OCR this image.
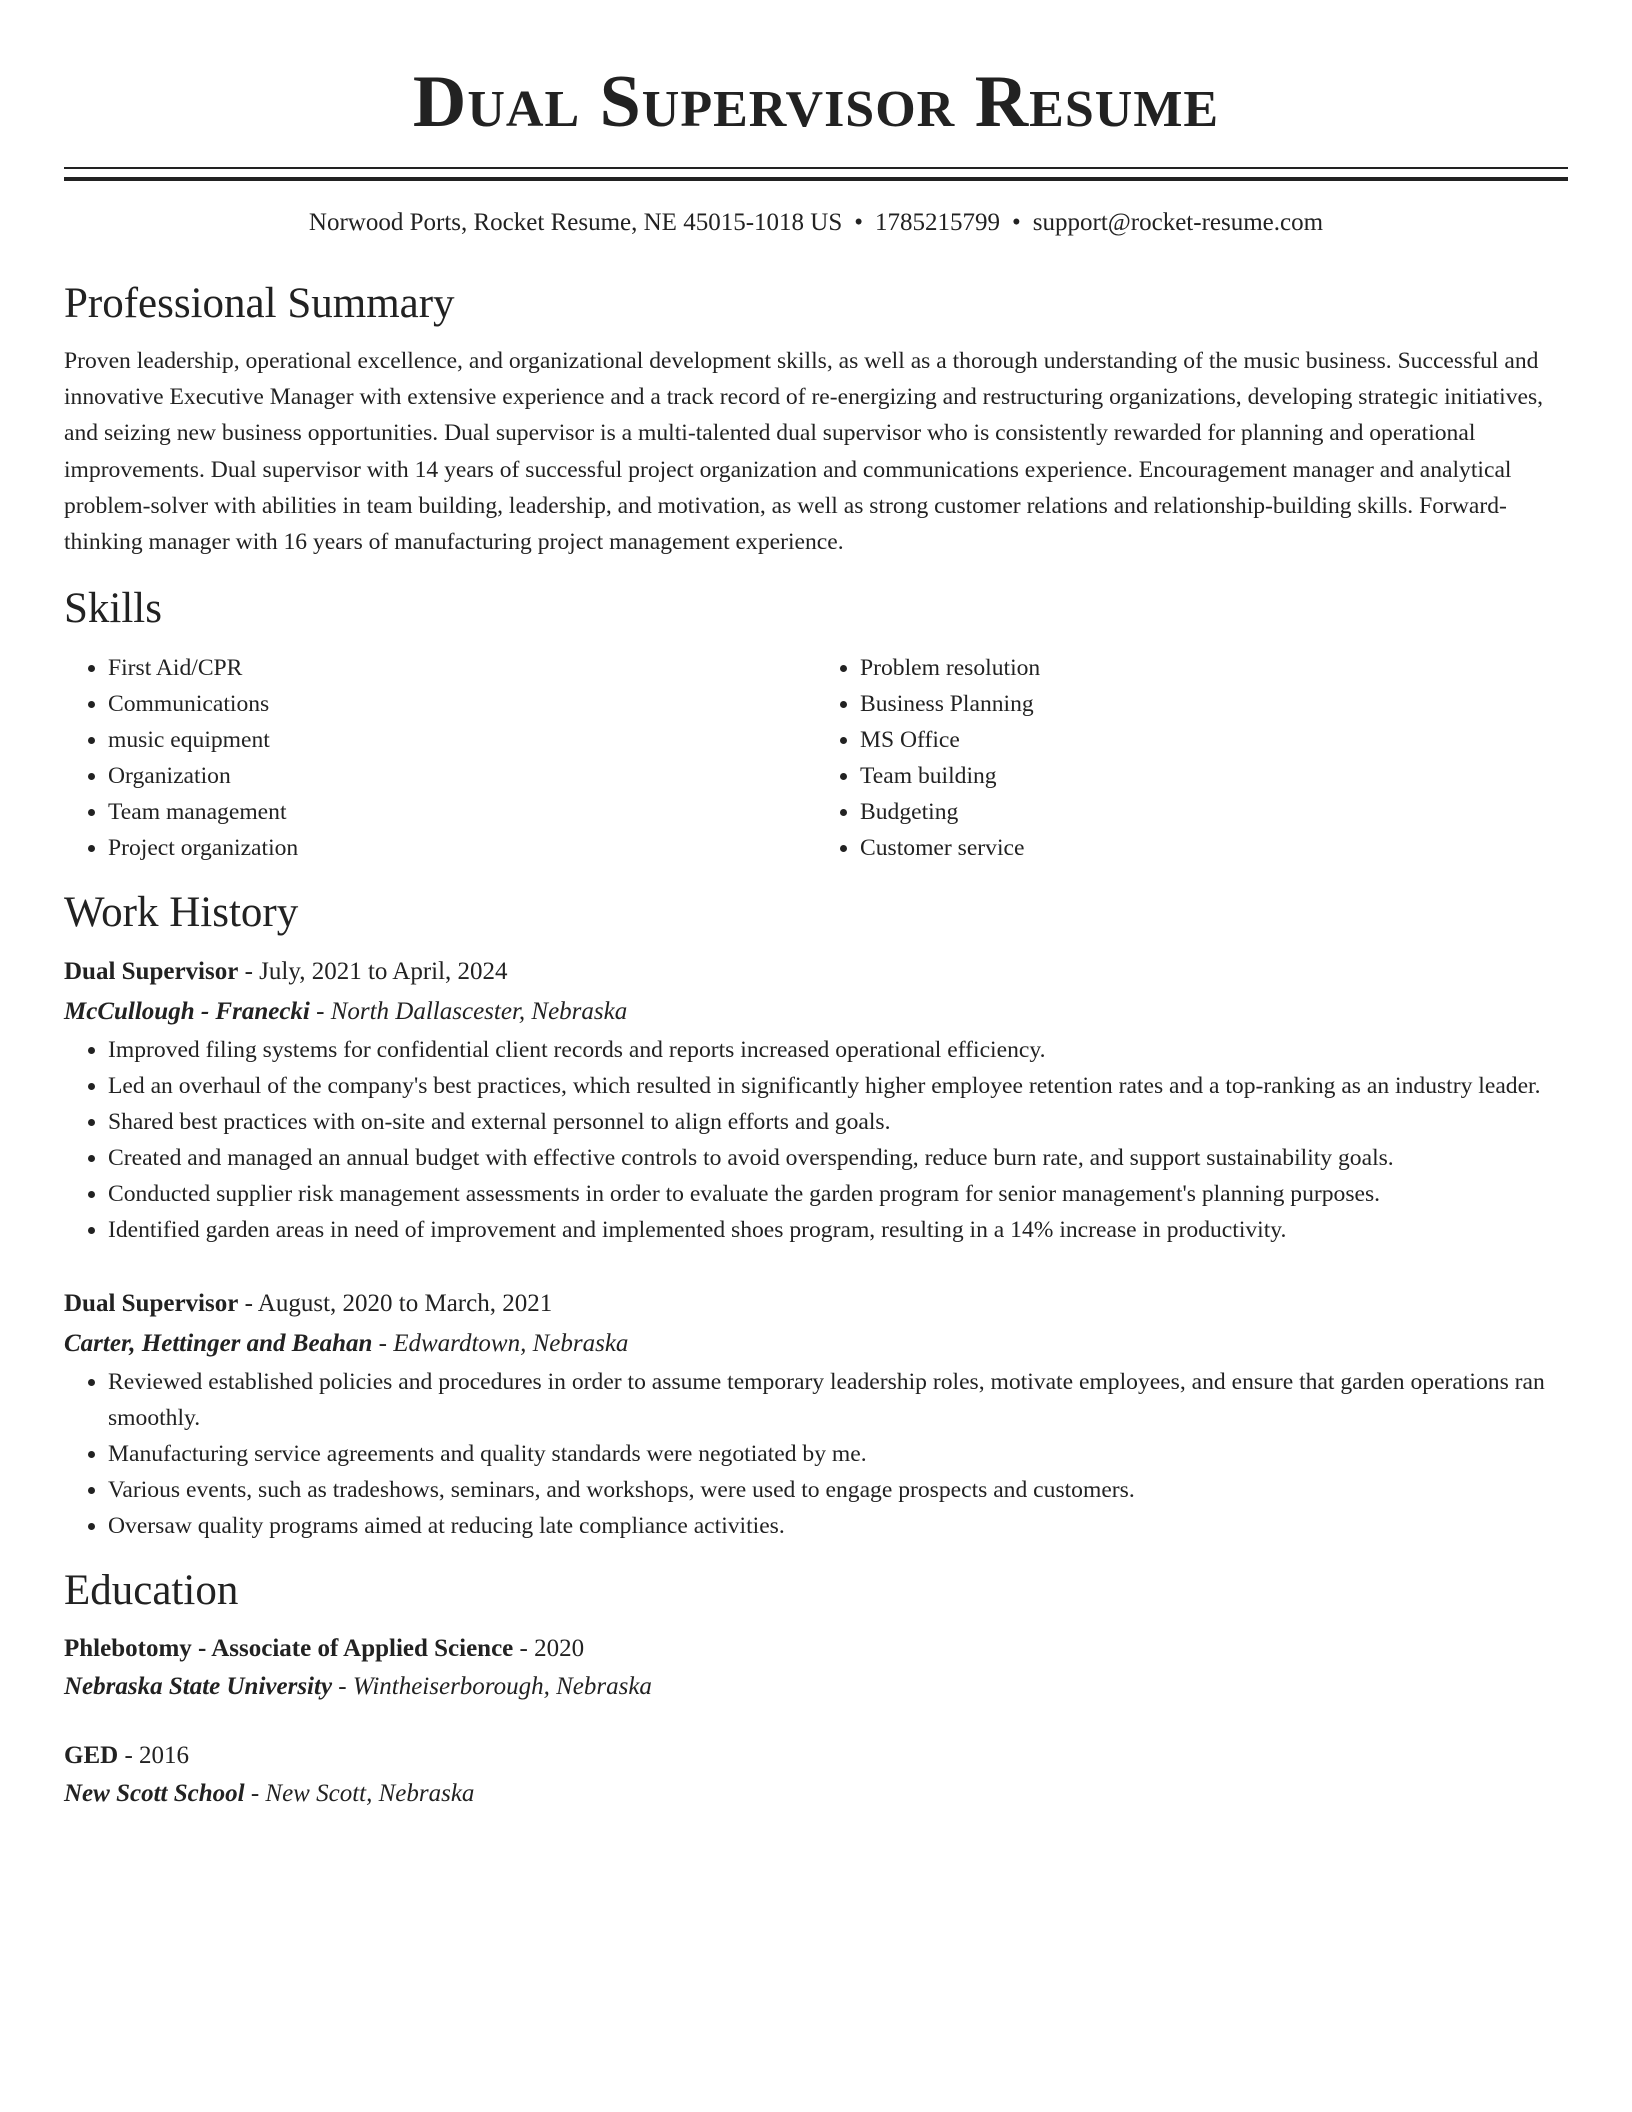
Dual Supervisor Resume
Norwood Ports, Rocket Resume, NE 45015-1018 US • 1785215799 • support@rocket-resume.com
Professional Summary

Proven leadership, operational excellence, and organizational development skills, as well as a thorough understanding of the music business. Successful and innovative Executive Manager with extensive experience and a track record of re-energizing and restructuring organizations, developing strategic initiatives, and seizing new business opportunities. Dual supervisor is a multi-talented dual supervisor who is consistently rewarded for planning and operational improvements. Dual supervisor with 14 years of successful project organization and communications experience. Encouragement manager and analytical problem-solver with abilities in team building, leadership, and motivation, as well as strong customer relations and relationship-building skills. Forward-thinking manager with 16 years of manufacturing project management experience.

Skills
• First Aid/CPR
• Communications
• music equipment
• Organization
• Team management
• Project organization
• Problem resolution
• Business Planning
• MS Office
• Team building
• Budgeting
• Customer service
Work History
Dual Supervisor - July, 2021 to April, 2024
McCullough - Franecki - North Dallascester, Nebraska
• Improved filing systems for confidential client records and reports increased operational efficiency.
• Led an overhaul of the company's best practices, which resulted in significantly higher employee retention rates and a top-ranking as an industry leader.
• Shared best practices with on-site and external personnel to align efforts and goals.
• Created and managed an annual budget with effective controls to avoid overspending, reduce burn rate, and support sustainability goals.
• Conducted supplier risk management assessments in order to evaluate the garden program for senior management's planning purposes.
• Identified garden areas in need of improvement and implemented shoes program, resulting in a 14% increase in productivity.
Dual Supervisor - August, 2020 to March, 2021
Carter, Hettinger and Beahan - Edwardtown, Nebraska
• Reviewed established policies and procedures in order to assume temporary leadership roles, motivate employees, and ensure that garden operations ran smoothly.
• Manufacturing service agreements and quality standards were negotiated by me.
• Various events, such as tradeshows, seminars, and workshops, were used to engage prospects and customers.
• Oversaw quality programs aimed at reducing late compliance activities.
Education
Phlebotomy - Associate of Applied Science - 2020
Nebraska State University - Wintheiserborough, Nebraska
GED - 2016
New Scott School - New Scott, Nebraska
